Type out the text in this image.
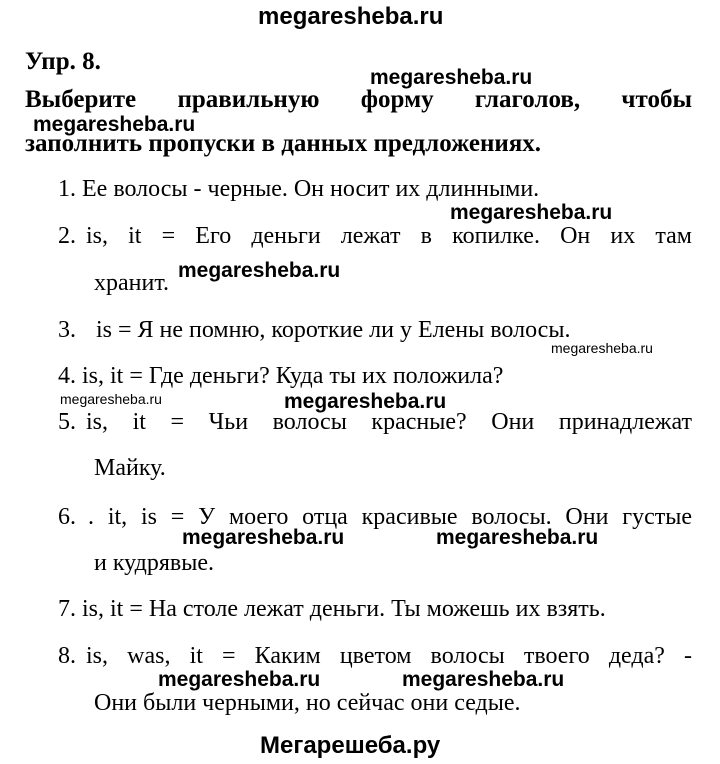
megaresheba.ru
Упр. 8.
megaresheba.ru
Выберите правильную форму глаголов, чтобы
megaresheba.ru
заполнить пропуски в данных предложениях.
1. Ее волосы - черные. Он носит их длинными.
megaresheba.ru
2. is, it = Его деньги лежат в копилке. Он их там
хранит. megaresheba.ru
3. is = Я не помню, короткие ли у Елены волосы.
megaresheba.ru
4. is, it = Где деньги? Куда ты их положила?
megaresheba.ru	megaresheba.ru
5. is, it = Чьи волосы красные? Они принадлежат
Майку.
6. . it, is = У моего отца красивые волосы. Они густые
megaresheba.ru	megaresheba.ru
и кудрявые.
7. is, it = На столе лежат деньги. Ты можешь их взять.
8. is, was, it = Каким цветом волосы твоего деда? -
megaresheba.ru	megaresheba.ru
Они были черными, но сейчас они седые.
Мегарешеба.ру
